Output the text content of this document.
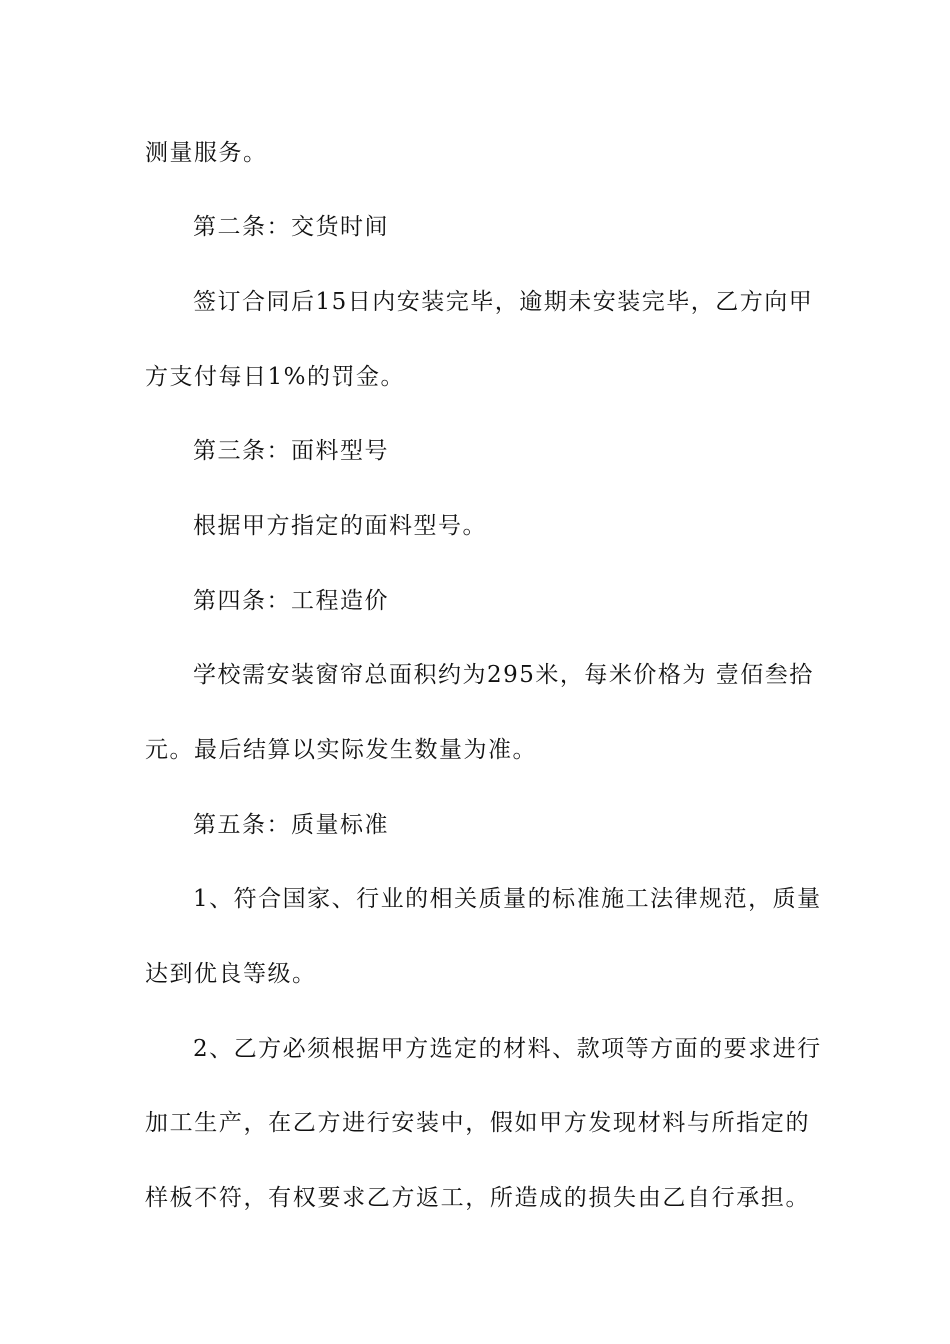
测量服务。
第二条：交货时间
签订合同后15日内安装完毕，逾期未安装完毕，乙方向甲
方支付每日1%的罚金。
第三条：面料型号
根据甲方指定的面料型号。
第四条：工程造价
学校需安装窗帘总面积约为295米，每米价格为 壹佰叁拾
元。最后结算以实际发生数量为准。
第五条：质量标准
1、符合国家、行业的相关质量的标准施工法律规范，质量
达到优良等级。
2、乙方必须根据甲方选定的材料、款项等方面的要求进行
加工生产，在乙方进行安装中，假如甲方发现材料与所指定的
样板不符，有权要求乙方返工，所造成的损失由乙自行承担。
